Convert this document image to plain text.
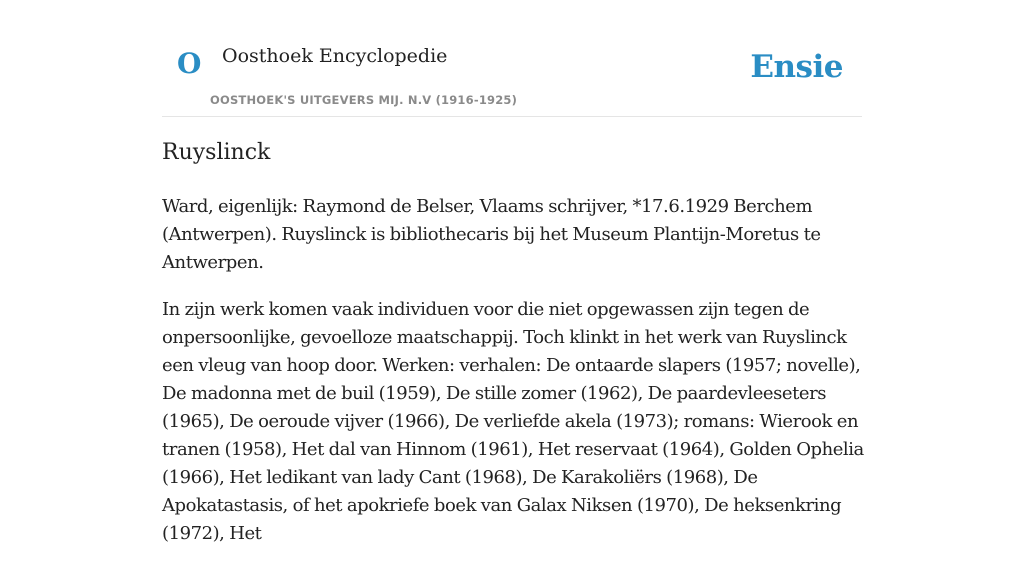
O Oosthoek Encyclopedie
OOSTHOEK'S UITGEVERS MIJ. N.V (1916-1925)
Ensie
Ruyslinck

Ward, eigenlijk: Raymond de Belser, Vlaams schrijver, *17.6.1929 Berchem (Antwerpen). Ruyslinck is bibliothecaris bij het Museum Plantijn-Moretus te Antwerpen.

In zijn werk komen vaak individuen voor die niet opgewassen zijn tegen de onpersoonlijke, gevoelloze maatschappij. Toch klinkt in het werk van Ruyslinck een vleug van hoop door. Werken: verhalen: De ontaarde slapers (1957; novelle), De madonna met de buil (1959), De stille zomer (1962), De paardevleeseters (1965), De oeroude vijver (1966), De verliefde akela (1973); romans: Wierook en tranen (1958), Het dal van Hinnom (1961), Het reservaat (1964), Golden Ophelia (1966), Het ledikant van lady Cant (1968), De Karakoliërs (1968), De Apokatastasis, of het apokriefe boek van Galax Niksen (1970), De heksenkring (1972), Het
